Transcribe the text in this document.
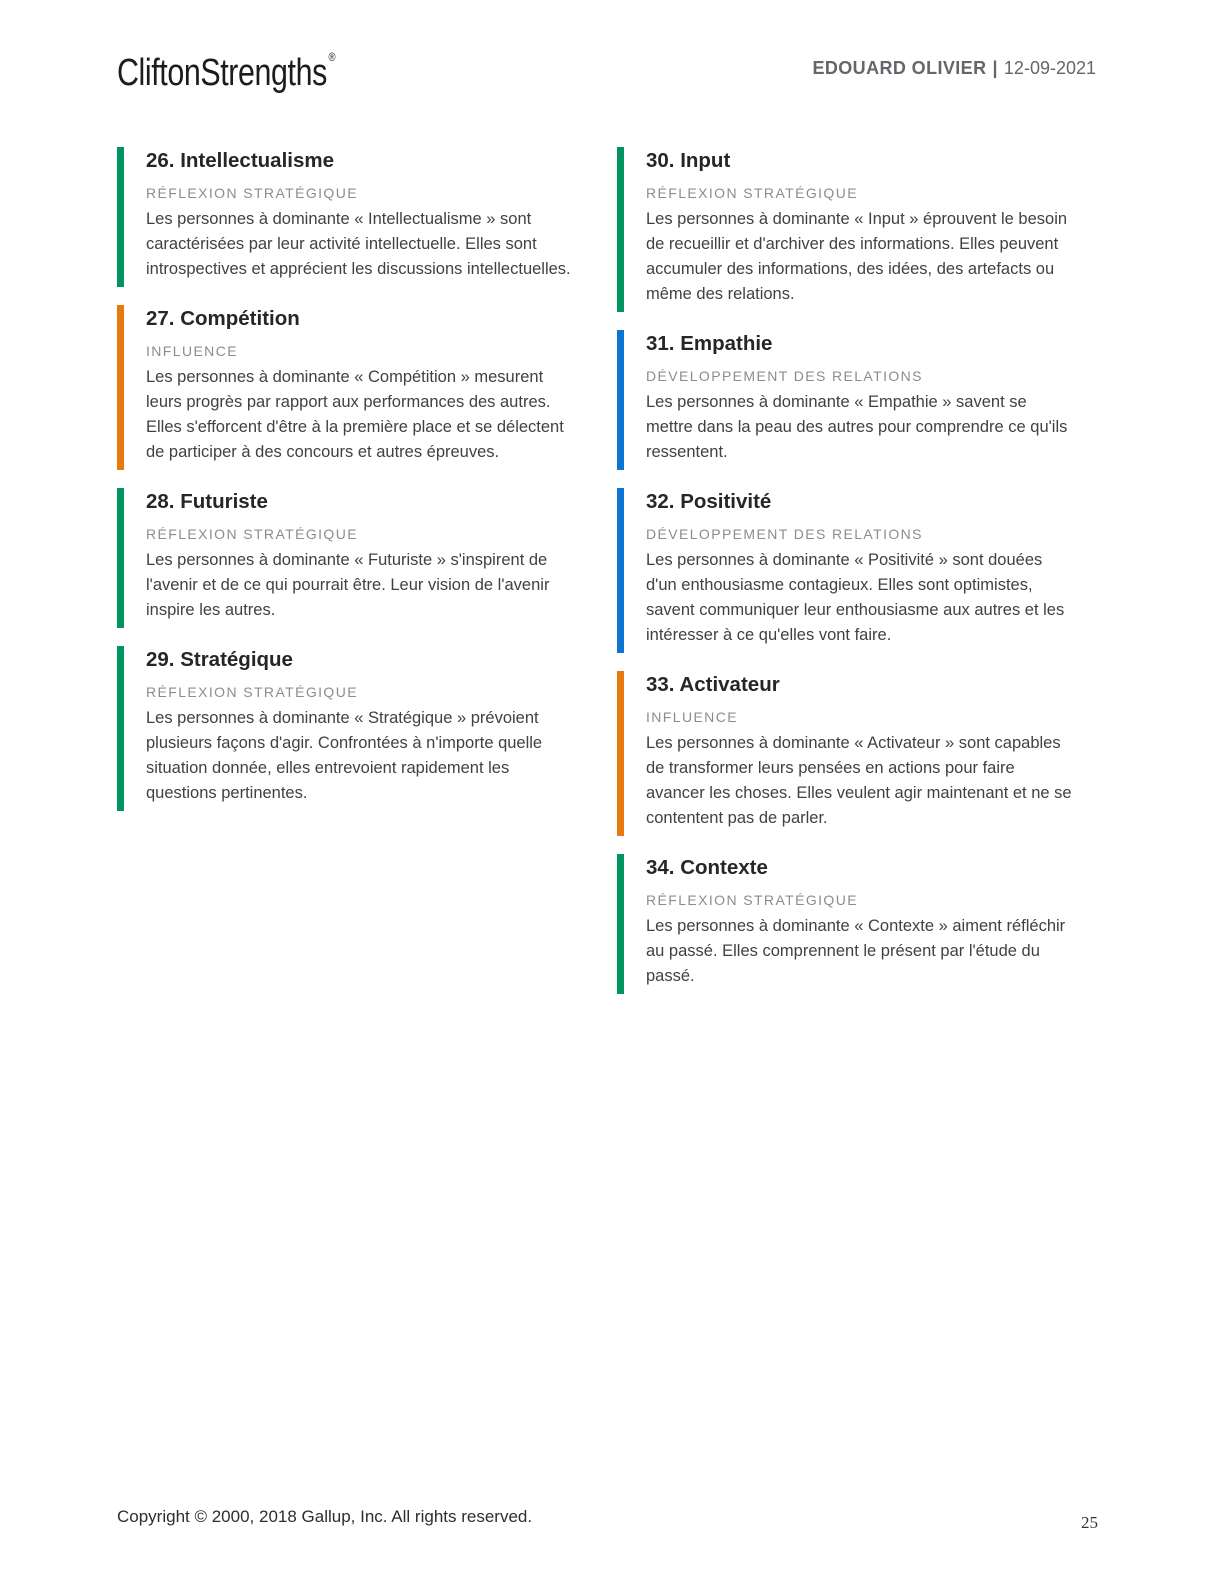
CliftonStrengths ®
EDOUARD OLIVIER | 12-09-2021
26. Intellectualisme
RÉFLEXION STRATÉGIQUE

Les personnes à dominante « Intellectualisme » sont caractérisées par leur activité intellectuelle. Elles sont introspectives et apprécient les discussions intellectuelles.

27. Compétition
INFLUENCE

Les personnes à dominante « Compétition » mesurent leurs progrès par rapport aux performances des autres. Elles s'efforcent d'être à la première place et se délectent de participer à des concours et autres épreuves.

28. Futuriste
RÉFLEXION STRATÉGIQUE

Les personnes à dominante « Futuriste » s'inspirent de l'avenir et de ce qui pourrait être. Leur vision de l'avenir inspire les autres.

29. Stratégique
RÉFLEXION STRATÉGIQUE

Les personnes à dominante « Stratégique » prévoient plusieurs façons d'agir. Confrontées à n'importe quelle situation donnée, elles entrevoient rapidement les questions pertinentes.

30. Input
RÉFLEXION STRATÉGIQUE

Les personnes à dominante « Input » éprouvent le besoin de recueillir et d'archiver des informations. Elles peuvent accumuler des informations, des idées, des artefacts ou même des relations.

31. Empathie
DÉVELOPPEMENT DES RELATIONS

Les personnes à dominante « Empathie » savent se mettre dans la peau des autres pour comprendre ce qu'ils ressentent.

32. Positivité
DÉVELOPPEMENT DES RELATIONS

Les personnes à dominante « Positivité » sont douées d'un enthousiasme contagieux. Elles sont optimistes, savent communiquer leur enthousiasme aux autres et les intéresser à ce qu'elles vont faire.

33. Activateur
INFLUENCE

Les personnes à dominante « Activateur » sont capables de transformer leurs pensées en actions pour faire avancer les choses. Elles veulent agir maintenant et ne se contentent pas de parler.

34. Contexte
RÉFLEXION STRATÉGIQUE

Les personnes à dominante « Contexte » aiment réfléchir au passé. Elles comprennent le présent par l'étude du passé.

Copyright © 2000, 2018 Gallup, Inc. All rights reserved.	25
